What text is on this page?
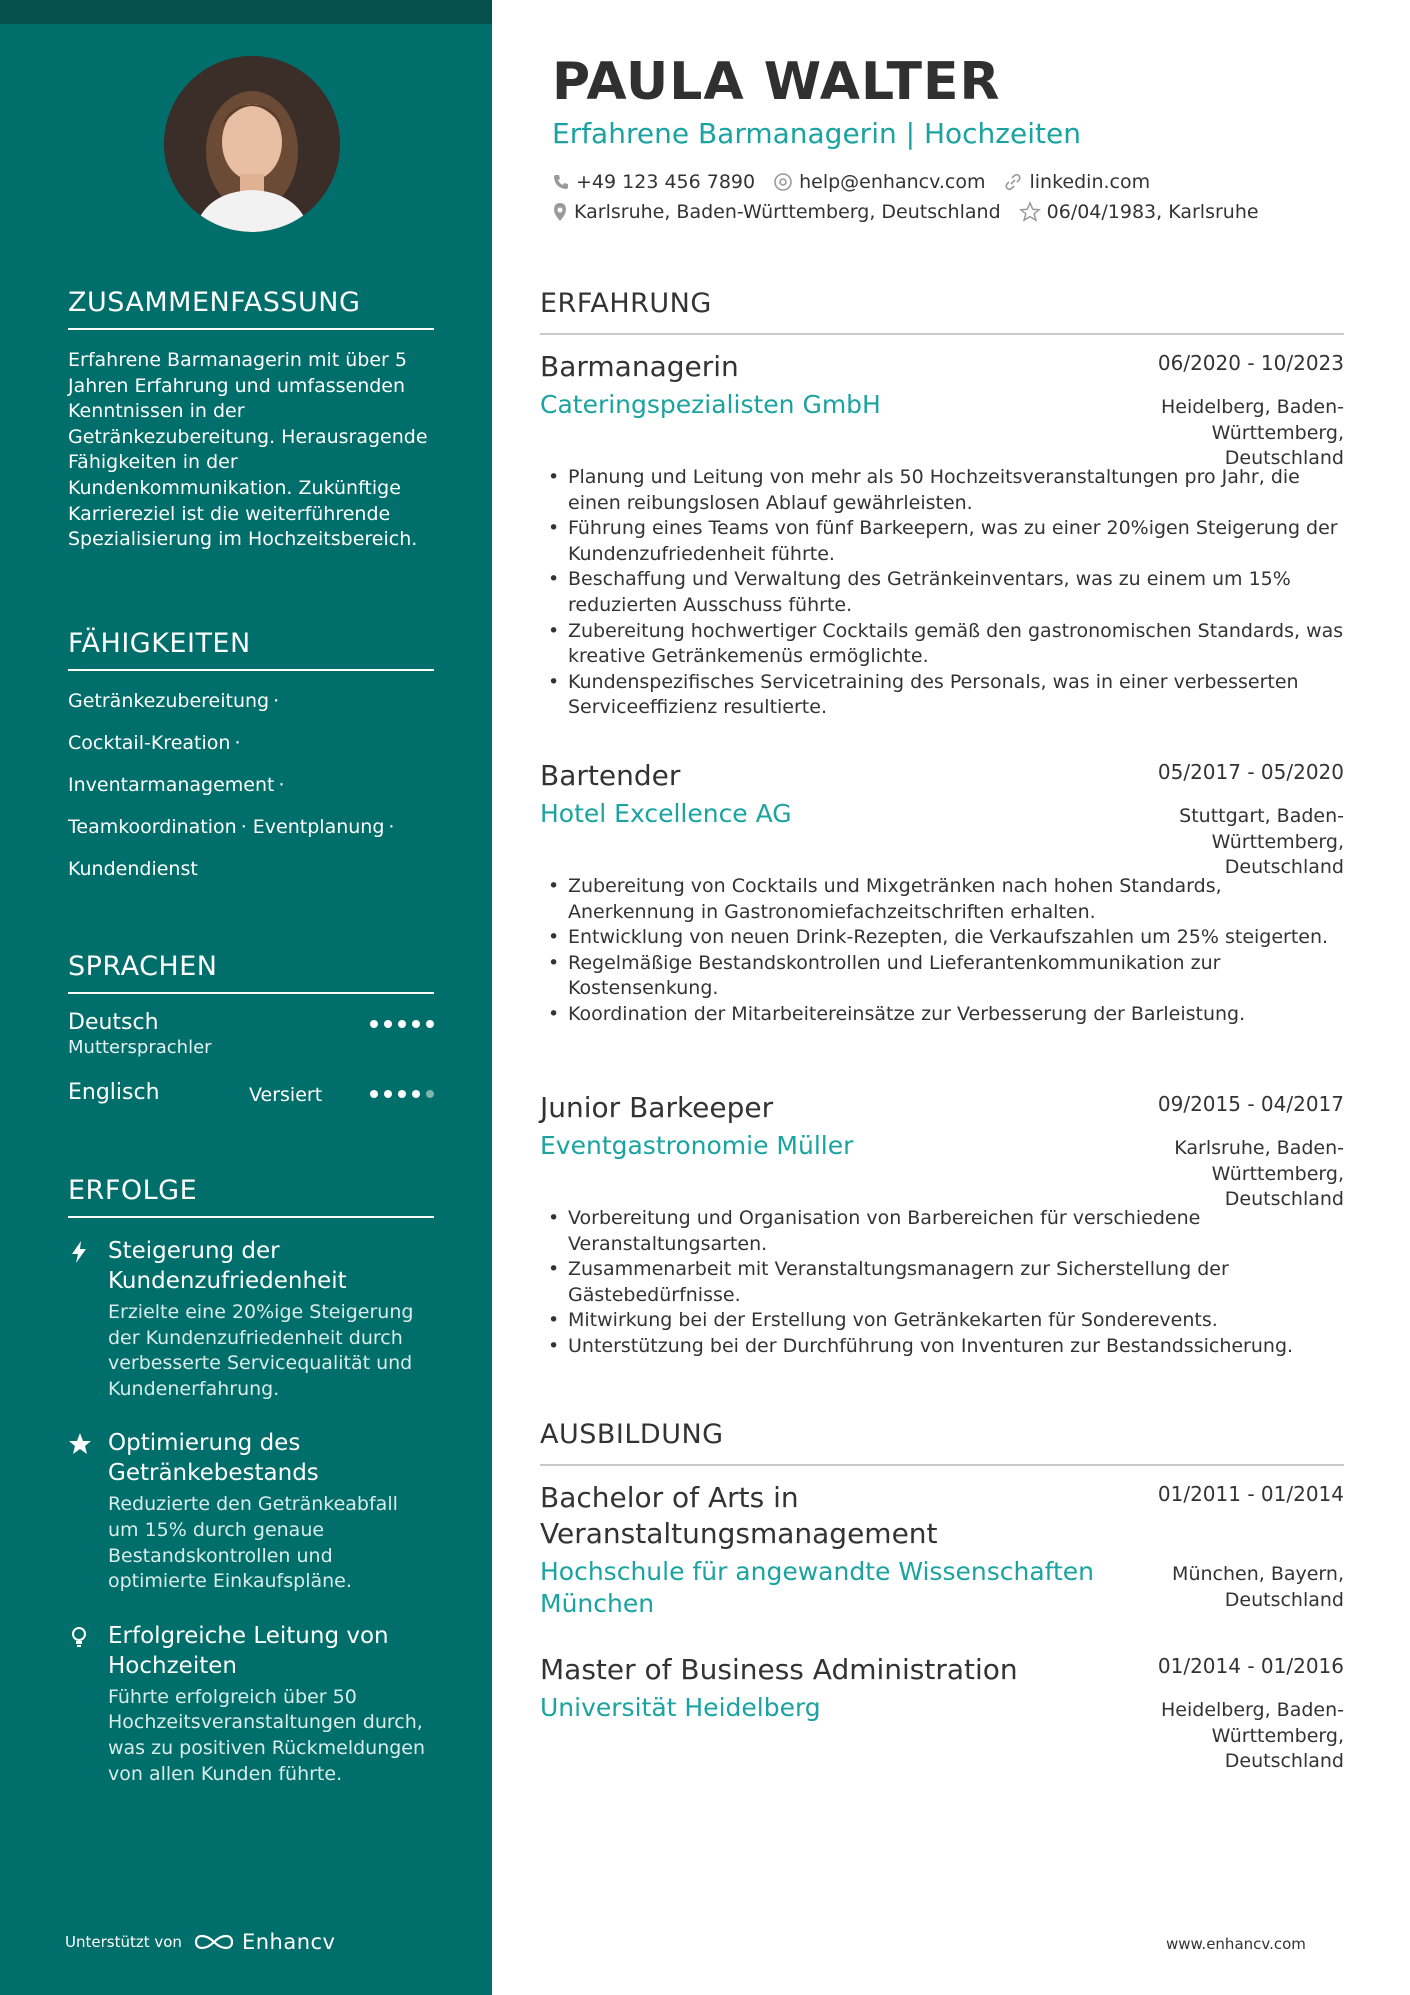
ZUSAMMENFASSUNG
Erfahrene Barmanagerin mit über 5 Jahren Erfahrung und umfassenden Kenntnissen in der Getränkezubereitung. Herausragende Fähigkeiten in der Kundenkommunikation. Zukünftige Karriereziel ist die weiterführende Spezialisierung im Hochzeitsbereich.
FÄHIGKEITEN
Getränkezubereitung ·
Cocktail-Kreation ·
Inventarmanagement ·
Teamkoordination · Eventplanung ·
Kundendienst
SPRACHEN
Deutsch
Muttersprachler
Englisch	Versiert
ERFOLGE
Steigerung der Kundenzufriedenheit
Erzielte eine 20%ige Steigerung der Kundenzufriedenheit durch verbesserte Servicequalität und Kundenerfahrung.
Optimierung des Getränkebestands
Reduzierte den Getränkeabfall um 15% durch genaue Bestandskontrollen und optimierte Einkaufspläne.
Erfolgreiche Leitung von Hochzeiten
Führte erfolgreich über 50 Hochzeitsveranstaltungen durch, was zu positiven Rückmeldungen von allen Kunden führte.
Unterstützt von	Enhancv
PAULA WALTER
Erfahrene Barmanagerin | Hochzeiten
+49 123 456 7890 help@enhancv.com linkedin.com
Karlsruhe, Baden-Württemberg, Deutschland 06/04/1983, Karlsruhe
ERFAHRUNG
Barmanagerin	06/2020 - 10/2023
Cateringspezialisten GmbH	Heidelberg, Baden-
Württemberg,
Deutschland
• Planung und Leitung von mehr als 50 Hochzeitsveranstaltungen pro Jahr, die einen reibungslosen Ablauf gewährleisten.
• Führung eines Teams von fünf Barkeepern, was zu einer 20%igen Steigerung der Kundenzufriedenheit führte.
• Beschaffung und Verwaltung des Getränkeinventars, was zu einem um 15% reduzierten Ausschuss führte.
• Zubereitung hochwertiger Cocktails gemäß den gastronomischen Standards, was kreative Getränkemenüs ermöglichte.
• Kundenspezifisches Servicetraining des Personals, was in einer verbesserten Serviceeffizienz resultierte.
Bartender	05/2017 - 05/2020
Hotel Excellence AG	Stuttgart, Baden-
Württemberg,
Deutschland
• Zubereitung von Cocktails und Mixgetränken nach hohen Standards, Anerkennung in Gastronomiefachzeitschriften erhalten.
• Entwicklung von neuen Drink-Rezepten, die Verkaufszahlen um 25% steigerten.
• Regelmäßige Bestandskontrollen und Lieferantenkommunikation zur Kostensenkung.
• Koordination der Mitarbeitereinsätze zur Verbesserung der Barleistung.
Junior Barkeeper	09/2015 - 04/2017
Eventgastronomie Müller	Karlsruhe, Baden-
Württemberg,
Deutschland
• Vorbereitung und Organisation von Barbereichen für verschiedene Veranstaltungsarten.
• Zusammenarbeit mit Veranstaltungsmanagern zur Sicherstellung der Gästebedürfnisse.
• Mitwirkung bei der Erstellung von Getränkekarten für Sonderevents.
• Unterstützung bei der Durchführung von Inventuren zur Bestandssicherung.
AUSBILDUNG
Bachelor of Arts in Veranstaltungsmanagement
01/2011 - 01/2014
Hochschule für angewandte Wissenschaften München
München, Bayern,
Deutschland
Master of Business Administration	01/2014 - 01/2016
Universität Heidelberg	Heidelberg, Baden-
Württemberg,
Deutschland
www.enhancv.com
